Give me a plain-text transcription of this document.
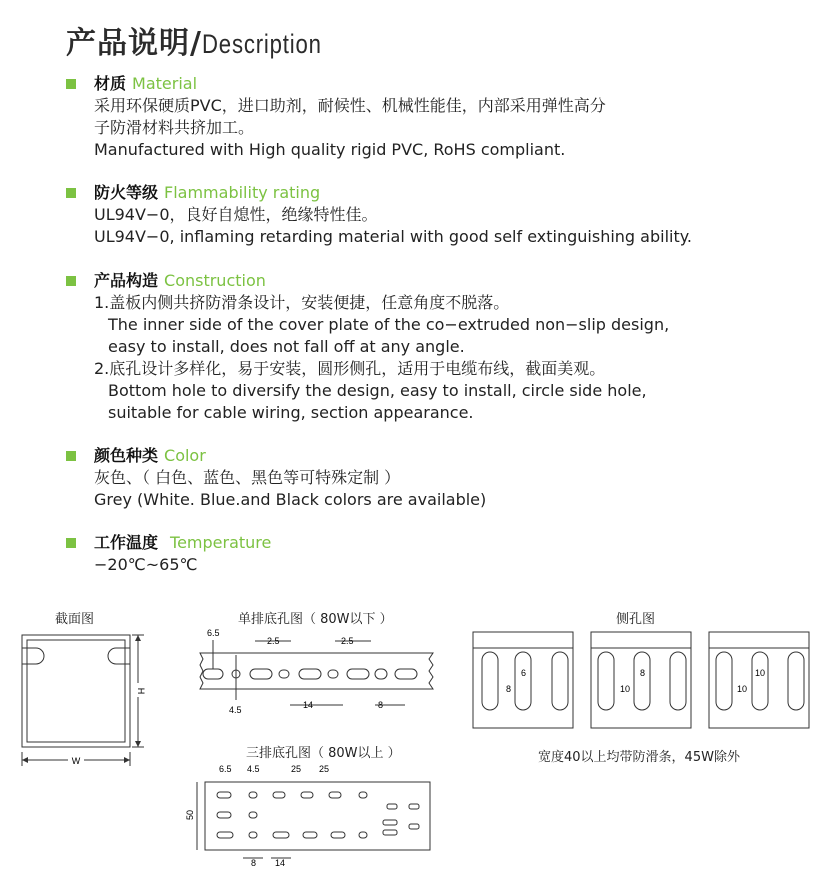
产品说明/Description
材质 Material
采用环保硬质PVC，进口助剂，耐候性、机械性能佳，内部采用弹性高分
子防滑材料共挤加工。
Manufactured with High quality rigid PVC, RoHS compliant.
防火等级 Flammability rating
UL94V−0，良好自熄性，绝缘特性佳。
UL94V−0, inflaming retarding material with good self extinguishing ability.
产品构造 Construction
1.盖板内侧共挤防滑条设计，安装便捷，任意角度不脱落。
The inner side of the cover plate of the co−extruded non−slip design,
easy to install, does not fall off at any angle.
2.底孔设计多样化，易于安装，圆形侧孔，适用于电缆布线，截面美观。
Bottom hole to diversify the design, easy to install, circle side hole,
suitable for cable wiring, section appearance.
颜色种类 Color
灰色、（ 白色、蓝色、黑色等可特殊定制 ）
Grey (White. Blue.and Black colors are available)
工作温度 Temperature
−20℃~65℃
截面图	单排底孔图（ 80W以下 ）	侧孔图
三排底孔图（ 80W以上 ）	宽度40以上均带防滑条，45W除外
W
H
6.5
2.5	2.5
4.5	14	8
6
8
8
10
10
10
6.5 4.5	25 25
50
8 14
